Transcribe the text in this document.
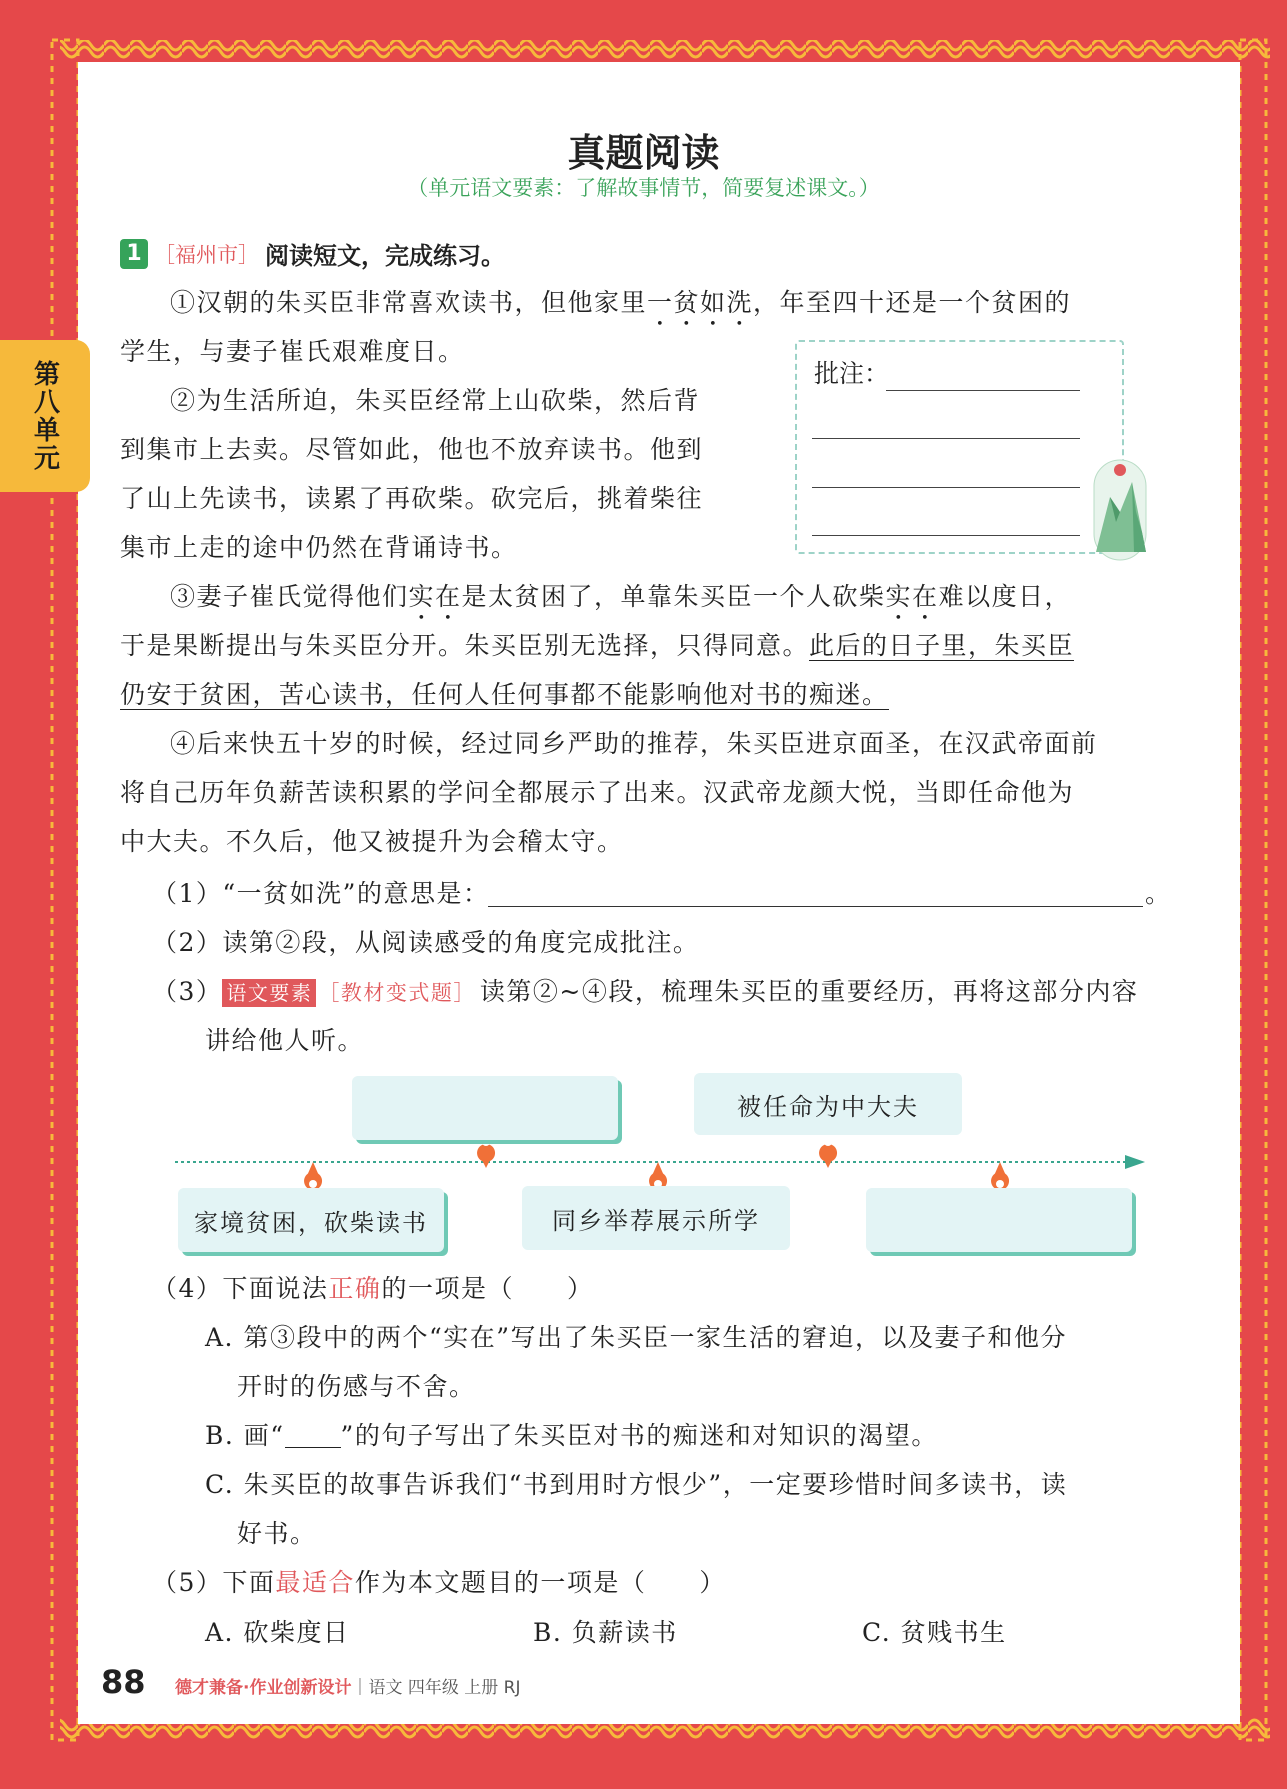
第八单元
真题阅读
（单元语文要素：了解故事情节，简要复述课文。）
1 ［福州市］ 阅读短文，完成练习。
①汉朝的朱买臣非常喜欢读书，但他家里一贫如洗，年至四十还是一个贫困的
学生，与妻子崔氏艰难度日。
②为生活所迫，朱买臣经常上山砍柴，然后背
到集市上去卖。尽管如此，他也不放弃读书。他到
了山上先读书，读累了再砍柴。砍完后，挑着柴往
集市上走的途中仍然在背诵诗书。
批注：
③妻子崔氏觉得他们实在是太贫困了，单靠朱买臣一个人砍柴实在难以度日，
于是果断提出与朱买臣分开。朱买臣别无选择，只得同意。此后的日子里，朱买臣
仍安于贫困，苦心读书，任何人任何事都不能影响他对书的痴迷。
④后来快五十岁的时候，经过同乡严助的推荐，朱买臣进京面圣，在汉武帝面前
将自己历年负薪苦读积累的学问全都展示了出来。汉武帝龙颜大悦，当即任命他为
中大夫。不久后，他又被提升为会稽太守。
（1）“一贫如洗”的意思是：	。
（2）读第②段，从阅读感受的角度完成批注。
（3） 语文要素 ［教材变式题］ 读第②~④段，梳理朱买臣的重要经历，再将这部分内容
讲给他人听。
被任命为中大夫
家境贫困，砍柴读书	同乡举荐展示所学
（4）下面说法正确的一项是（　　）
A. 第③段中的两个“实在”写出了朱买臣一家生活的窘迫，以及妻子和他分
开时的伤感与不舍。
B. 画“ ”的句子写出了朱买臣对书的痴迷和对知识的渴望。
C. 朱买臣的故事告诉我们“书到用时方恨少”，一定要珍惜时间多读书，读
好书。
（5）下面最适合作为本文题目的一项是（　　）
A. 砍柴度日	B. 负薪读书	C. 贫贱书生
88 德才兼备·作业创新设计｜语文 四年级 上册 RJ
